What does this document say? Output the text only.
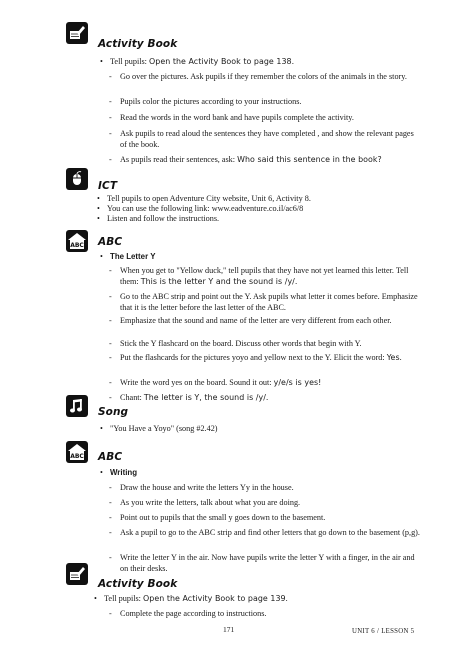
Activity Book
• Tell pupils: Open the Activity Book to page 138.
- Go over the pictures. Ask pupils if they remember the colors of the animals in the story.
- Pupils color the pictures according to your instructions.
- Read the words in the word bank and have pupils complete the activity.
- Ask pupils to read aloud the sentences they have completed , and show the relevant pages of the book.
- As pupils read their sentences, ask: Who said this sentence in the book?
ICT
• Tell pupils to open Adventure City website, Unit 6, Activity 8.
• You can use the following link: www.eadventure.co.il/ac6/8
• Listen and follow the instructions.
ABC ABC
• The Letter Y
- When you get to "Yellow duck," tell pupils that they have not yet learned this letter. Tell them: This is the letter Y and the sound is /y/.
- Go to the ABC strip and point out the Y. Ask pupils what letter it comes before. Emphasize that it is the letter before the last letter of the ABC.
- Emphasize that the sound and name of the letter are very different from each other.
- Stick the Y flashcard on the board. Discuss other words that begin with Y.
- Put the flashcards for the pictures yoyo and yellow next to the Y. Elicit the word: Yes.
- Write the word yes on the board. Sound it out: y/e/s is yes!
- Chant: The letter is Y, the sound is /y/.
Song
• "You Have a Yoyo" (song #2.42)
ABC ABC
• Writing
- Draw the house and write the letters Yy in the house.
- As you write the letters, talk about what you are doing.
- Point out to pupils that the small y goes down to the basement.
- Ask a pupil to go to the ABC strip and find other letters that go down to the basement (p,g).
- Write the letter Y in the air. Now have pupils write the letter Y with a finger, in the air and on their desks.
Activity Book
• Tell pupils: Open the Activity Book to page 139.
- Complete the page according to instructions.
171	UNIT 6 / LESSON 5
